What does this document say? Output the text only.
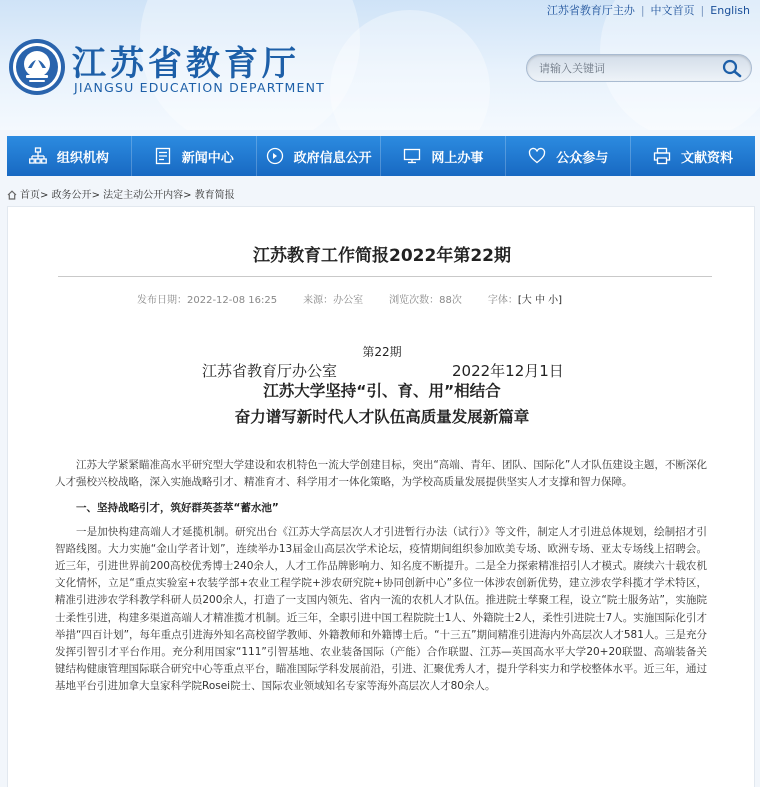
江苏省教育厅主办 | 中文首页 | English
江苏省教育厅
JIANGSU EDUCATION DEPARTMENT
请输入关键词
组织机构	新闻中心	政府信息公开	网上办事	公众参与	文献资料
首页> 政务公开> 法定主动公开内容> 教育简报
江苏教育工作简报2022年第22期
发布日期：2022-12-08 16:25	来源：办公室	浏览次数：88次	字体：[大 中 小]
第22期
江苏省教育厅办公室	2022年12月1日
江苏大学坚持“引、育、用”相结合
奋力谱写新时代人才队伍高质量发展新篇章

江苏大学紧紧瞄准高水平研究型大学建设和农机特色一流大学创建目标，突出“高端、青年、团队、国际化”人才队伍建设主题，不断深化人才强校兴校战略，深入实施战略引才、精准育才、科学用才一体化策略，为学校高质量发展提供坚实人才支撑和智力保障。

一、坚持战略引才，筑好群英荟萃“蓄水池”

一是加快构建高端人才延揽机制。研究出台《江苏大学高层次人才引进暂行办法（试行）》等文件，制定人才引进总体规划，绘制招才引智路线图。大力实施“金山学者计划”，连续举办13届金山高层次学术论坛，疫情期间组织参加欧美专场、欧洲专场、亚太专场线上招聘会。近三年，引进世界前200高校优秀博士240余人，人才工作品牌影响力、知名度不断提升。二是全力探索精准招引人才模式。赓续六十载农机文化情怀，立足“重点实验室+农装学部+农业工程学院+涉农研究院+协同创新中心”多位一体涉农创新优势，建立涉农学科揽才学术特区，精准引进涉农学科教学科研人员200余人，打造了一支国内领先、省内一流的农机人才队伍。推进院士孳聚工程，设立“院士服务站”，实施院士柔性引进，构建多渠道高端人才精准揽才机制。近三年，全职引进中国工程院院士1人、外籍院士2人，柔性引进院士7人。实施国际化引才举措“四百计划”，每年重点引进海外知名高校留学教师、外籍教师和外籍博士后。“十三五”期间精准引进海内外高层次人才581人。三是充分发挥引智引才平台作用。充分利用国家“111”引智基地、农业装备国际（产能）合作联盟、江苏—英国高水平大学20+20联盟、高端装备关键结构健康管理国际联合研究中心等重点平台，瞄准国际学科发展前沿，引进、汇聚优秀人才，提升学科实力和学校整体水平。近三年，通过基地平台引进加拿大皇家科学院Rosei院士、国际农业领域知名专家等海外高层次人才80余人。
